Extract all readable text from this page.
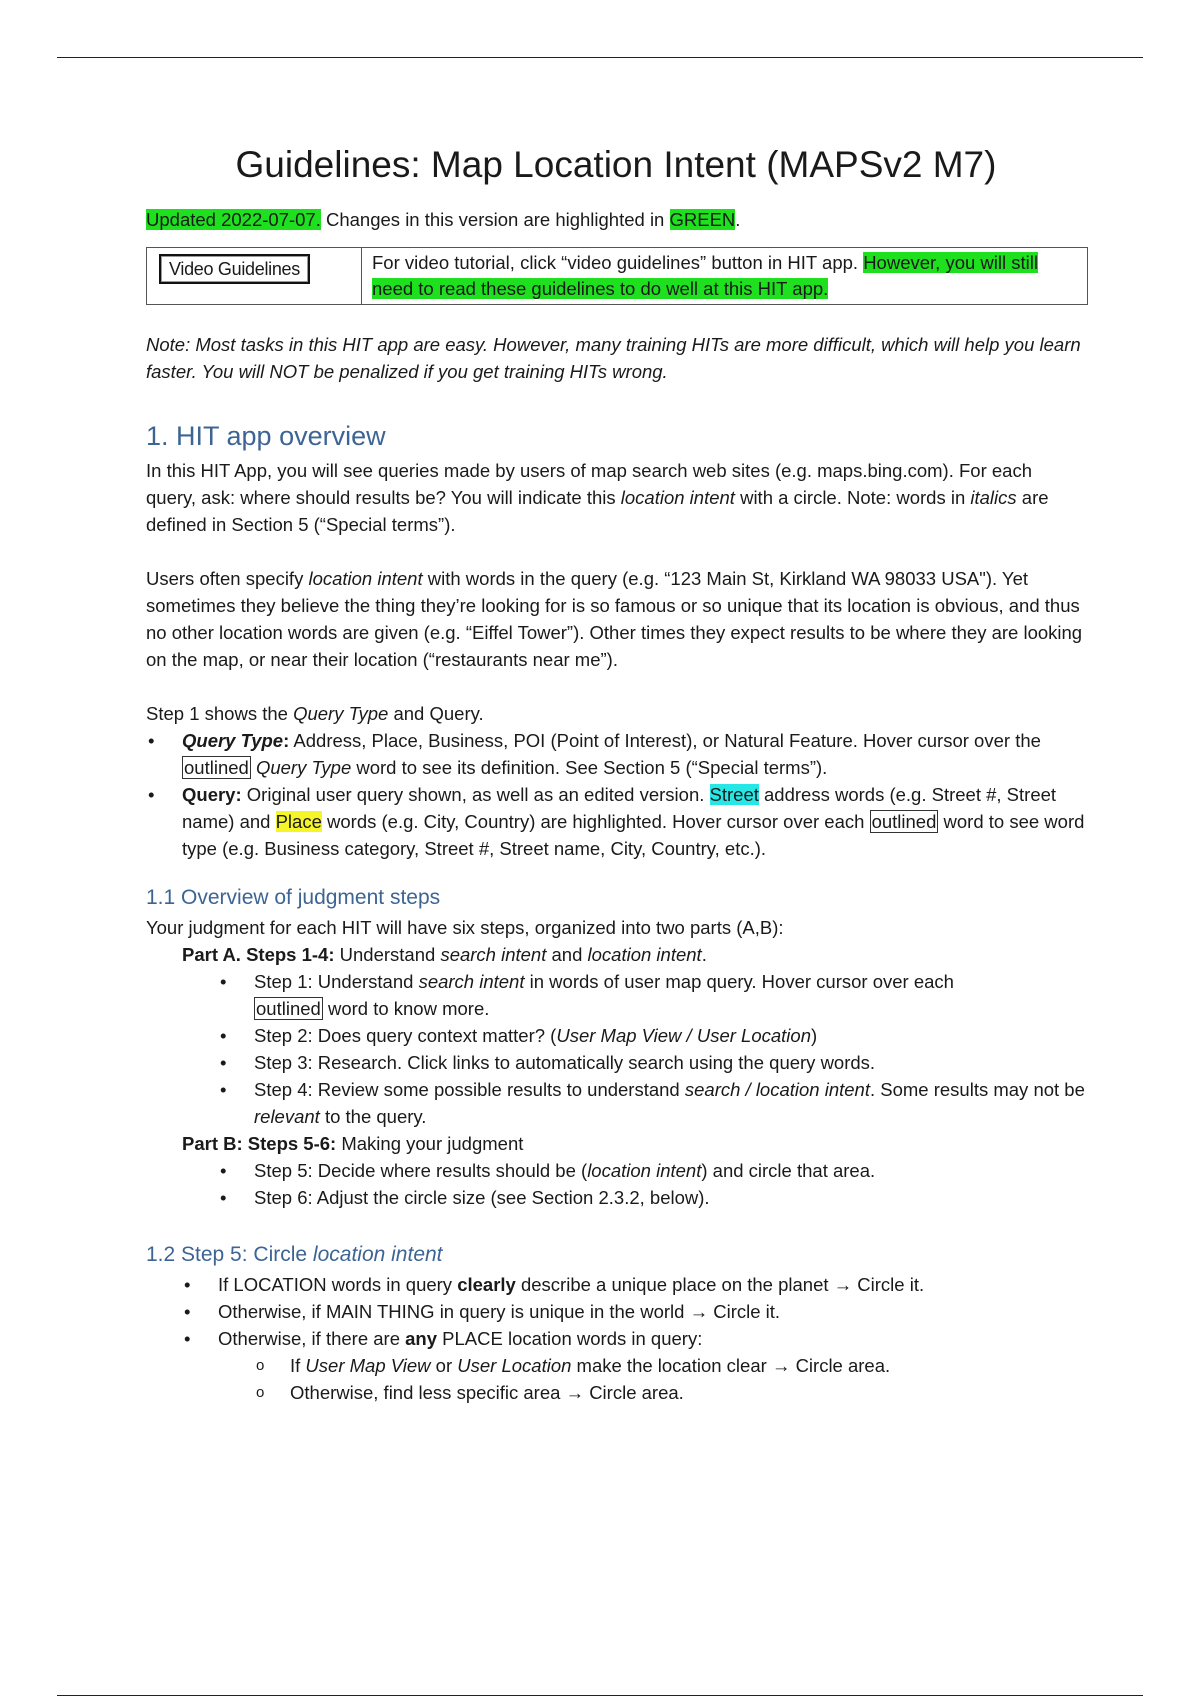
Guidelines: Map Location Intent (MAPSv2 M7)

Updated 2022-07-07. Changes in this version are highlighted in GREEN.

Video Guidelines	For video tutorial, click “video guidelines” button in HIT app. However, you will still need to read these guidelines to do well at this HIT app.

Note: Most tasks in this HIT app are easy. However, many training HITs are more difficult, which will help you learn faster. You will NOT be penalized if you get training HITs wrong.

1. HIT app overview

In this HIT App, you will see queries made by users of map search web sites (e.g. maps.bing.com). For each query, ask: where should results be? You will indicate this location intent with a circle. Note: words in italics are defined in Section 5 (“Special terms”).

Users often specify location intent with words in the query (e.g. “123 Main St, Kirkland WA 98033 USA"). Yet sometimes they believe the thing they’re looking for is so famous or so unique that its location is obvious, and thus no other location words are given (e.g. “Eiffel Tower”). Other times they expect results to be where they are looking on the map, or near their location (“restaurants near me”).

Step 1 shows the Query Type and Query.

• Query Type: Address, Place, Business, POI (Point of Interest), or Natural Feature. Hover cursor over the outlined Query Type word to see its definition. See Section 5 (“Special terms”).
• Query: Original user query shown, as well as an edited version. Street address words (e.g. Street #, Street name) and Place words (e.g. City, Country) are highlighted. Hover cursor over each outlined word to see word type (e.g. Business category, Street #, Street name, City, Country, etc.).
1.1 Overview of judgment steps

Your judgment for each HIT will have six steps, organized into two parts (A,B):

Part A. Steps 1-4: Understand search intent and location intent.

• Step 1: Understand search intent in words of user map query. Hover cursor over each
outlined word to know more.
• Step 2: Does query context matter? (User Map View / User Location)
• Step 3: Research. Click links to automatically search using the query words.
• Step 4: Review some possible results to understand search / location intent. Some results may not be relevant to the query.

Part B: Steps 5-6: Making your judgment

• Step 5: Decide where results should be (location intent) and circle that area.
• Step 6: Adjust the circle size (see Section 2.3.2, below).
1.2 Step 5: Circle location intent
• If LOCATION words in query clearly describe a unique place on the planet → Circle it.
• Otherwise, if MAIN THING in query is unique in the world → Circle it.
• Otherwise, if there are any PLACE location words in query:
o If User Map View or User Location make the location clear → Circle area.
o Otherwise, find less specific area → Circle area.
